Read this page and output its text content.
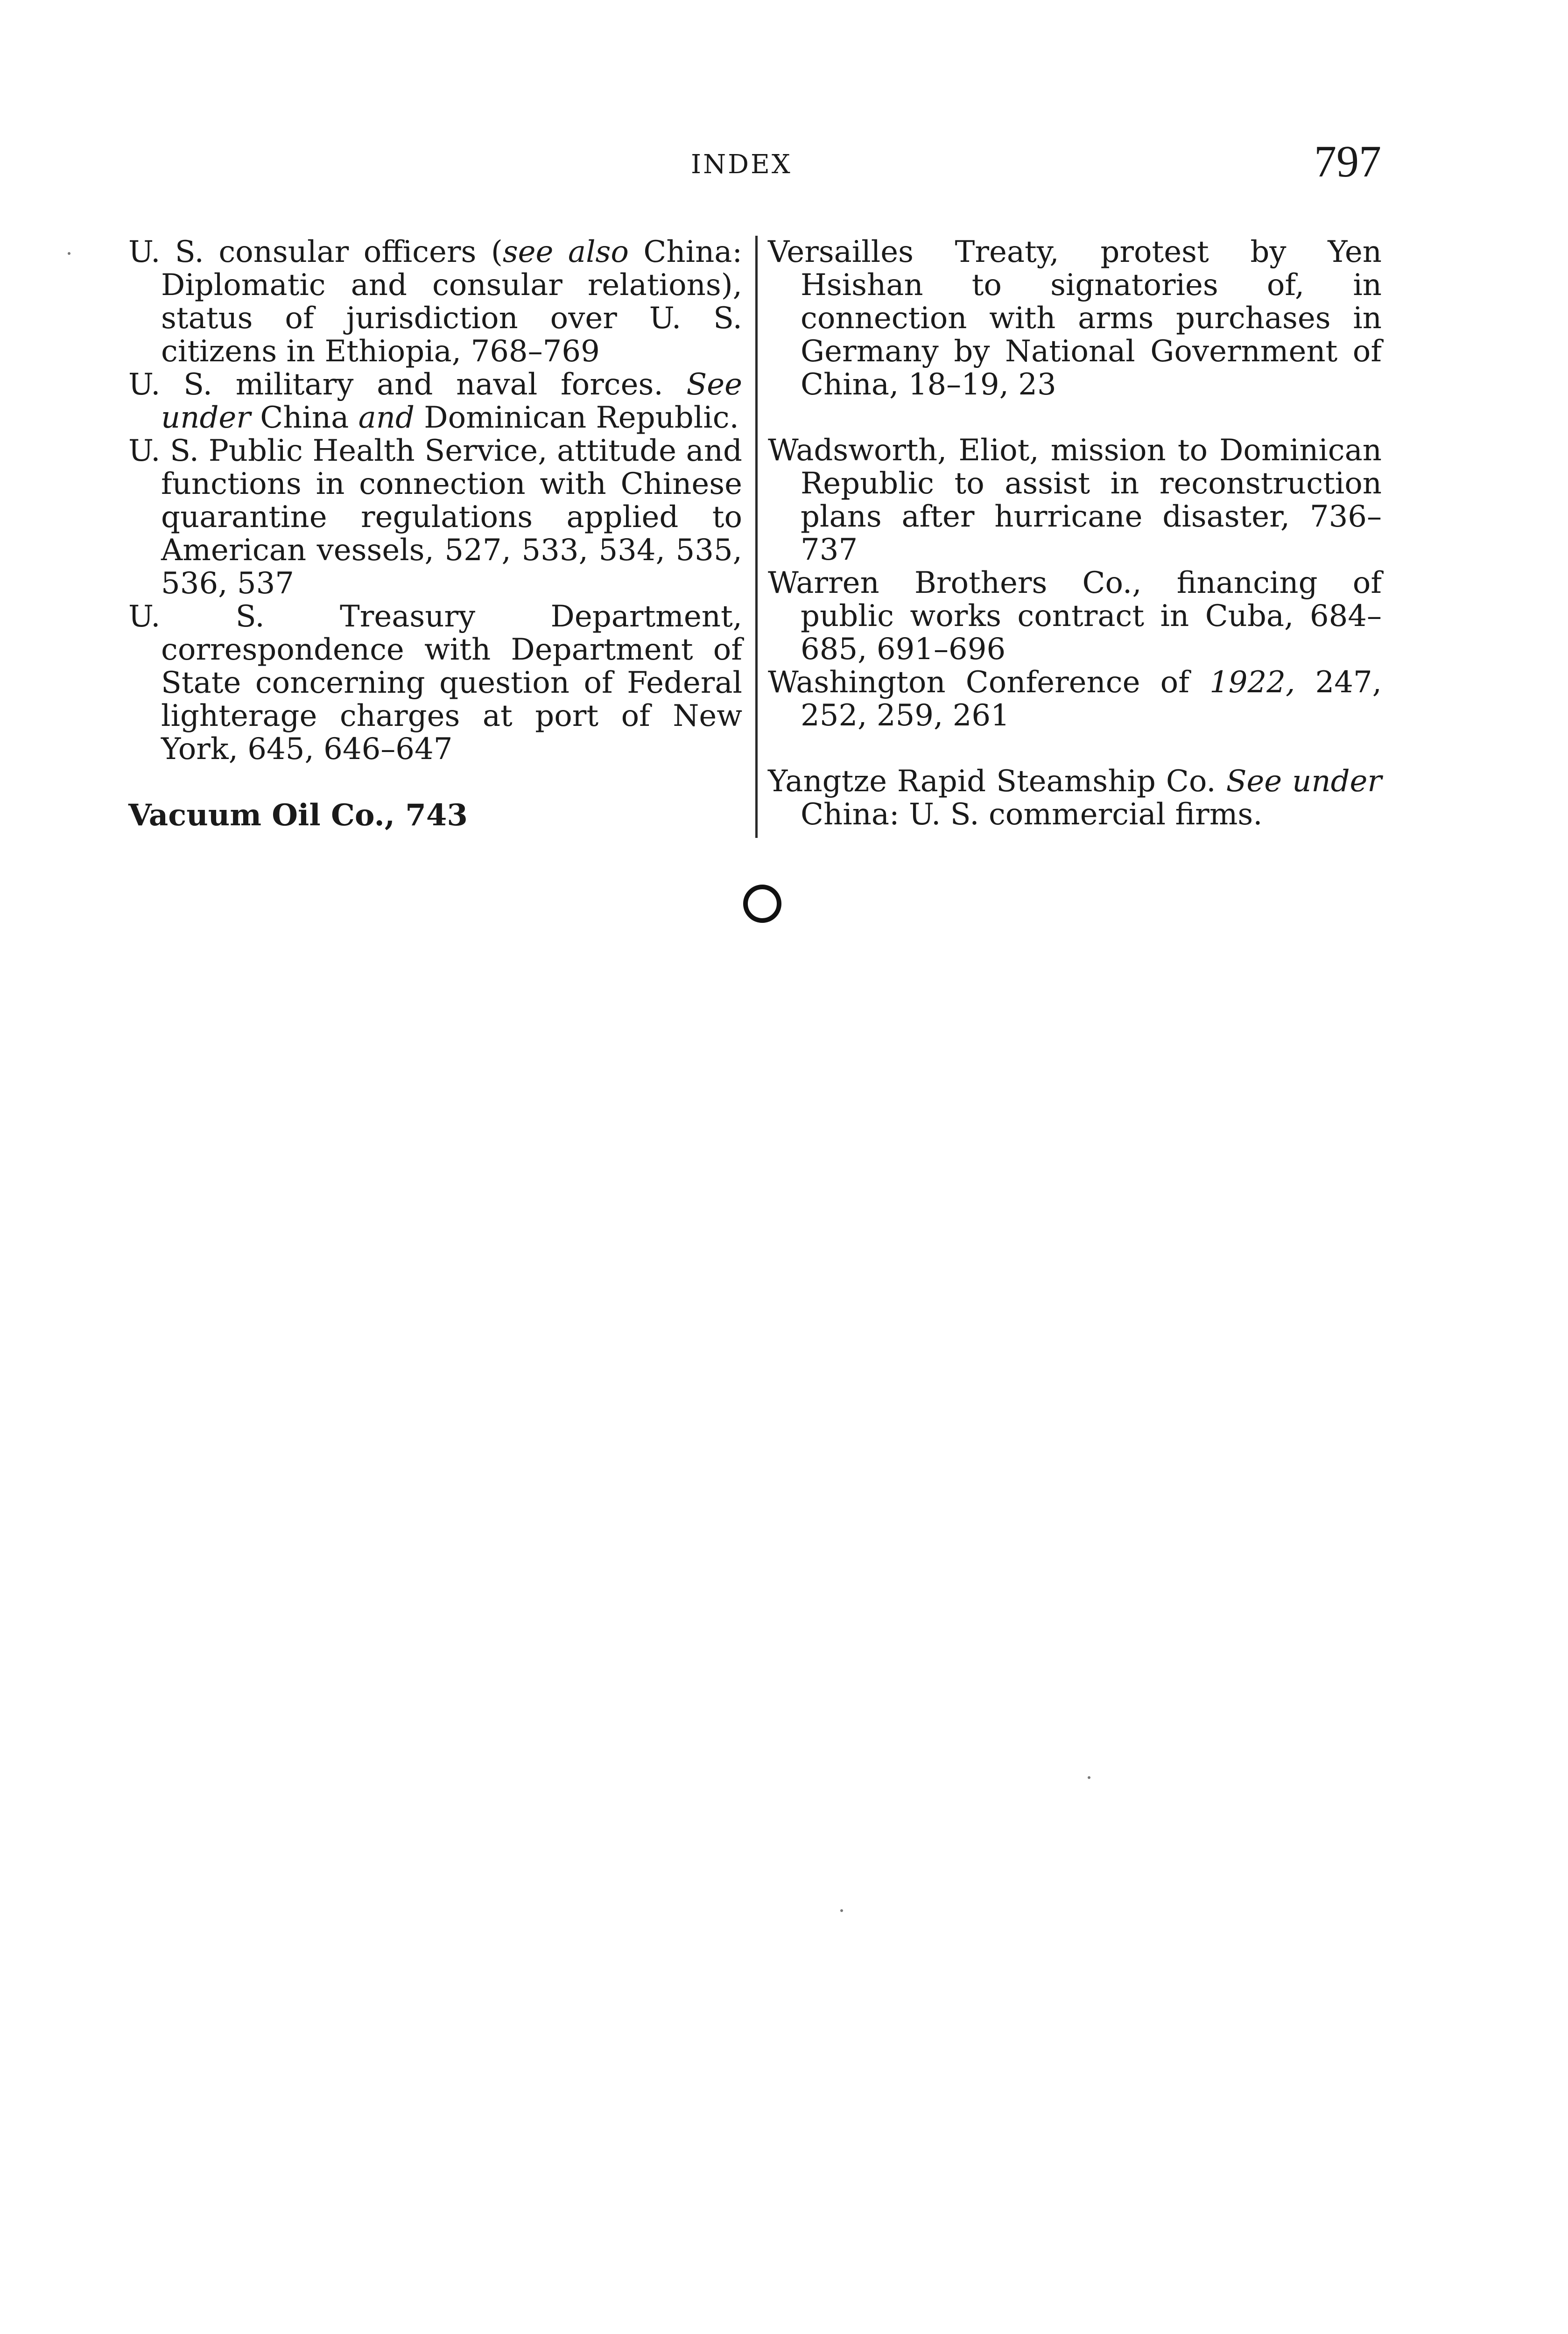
INDEX	797

U. S. consular officers (see also China: Diplomatic and consular relations), status of jurisdiction over U. S. citizens in Ethiopia, 768–769

U. S. military and naval forces. See under China and Dominican Republic.

U. S. Public Health Service, attitude and functions in connection with Chinese quarantine regulations applied to American vessels, 527, 533, 534, 535, 536, 537

U. S. Treasury Department, correspondence with Department of State concerning question of Federal lighterage charges at port of New York, 645, 646–647

Vacuum Oil Co., 743

Versailles Treaty, protest by Yen Hsishan to signatories of, in connection with arms purchases in Germany by National Government of China, 18–19, 23

Wadsworth, Eliot, mission to Dominican Republic to assist in reconstruction plans after hurricane disaster, 736–737

Warren Brothers Co., financing of public works contract in Cuba, 684–685, 691–696

Washington Conference of 1922, 247, 252, 259, 261

Yangtze Rapid Steamship Co. See under China: U. S. commercial firms.
